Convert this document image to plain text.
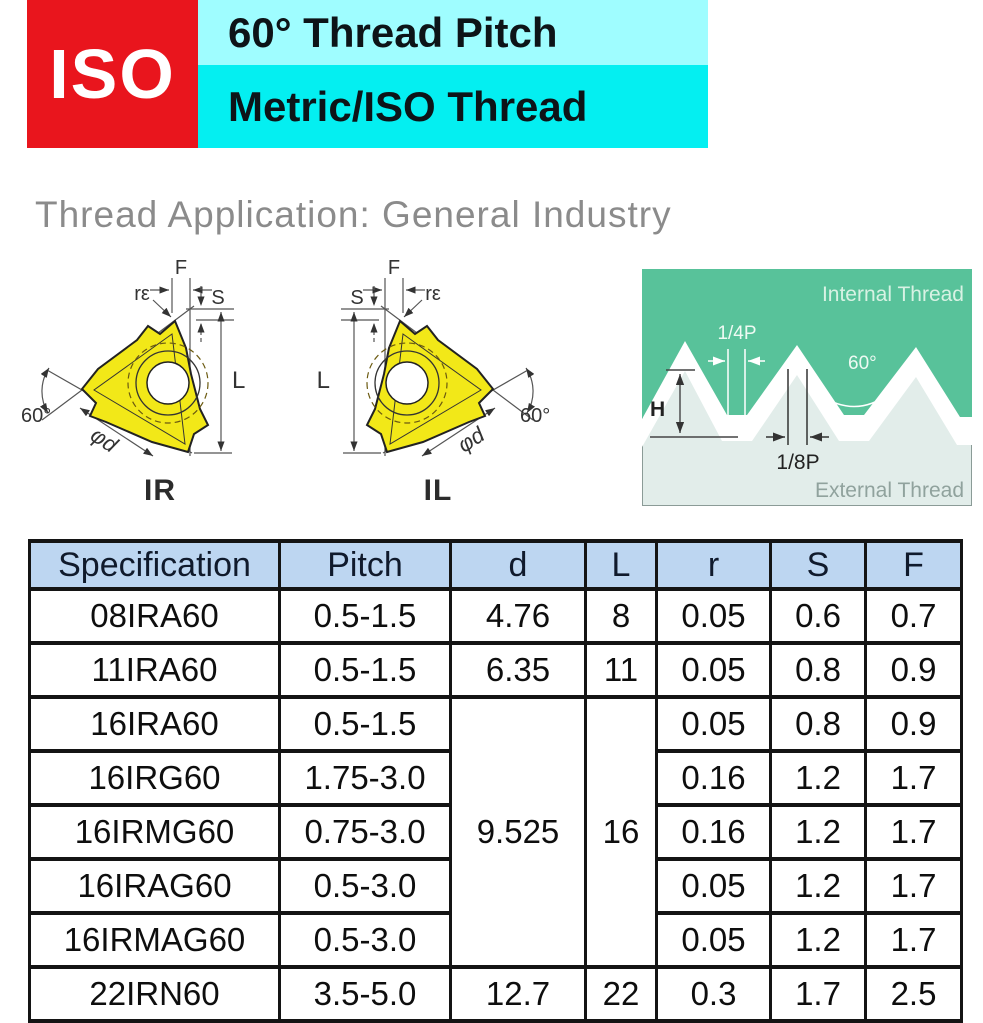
ISO
60° Thread Pitch
Metric/ISO Thread
Thread Application: General Industry
F
S
rε
L
60°
φd
IR
F
S	rε
L
60°
φd
IL
Internal Thread
1/4P
60°
H
1/8P
External Thread
Specification	Pitch	d	L	r	S	F
08IRA60	0.5-1.5	4.76	8	0.05	0.6	0.7
11IRA60	0.5-1.5	6.35	11	0.05	0.8	0.9
16IRA60	0.5-1.5	9.525	16	0.05	0.8	0.9
16IRG60	1.75-3.0			0.16	1.2	1.7
16IRMG60	0.75-3.0			0.16	1.2	1.7
16IRAG60	0.5-3.0			0.05	1.2	1.7
16IRMAG60	0.5-3.0			0.05	1.2	1.7
22IRN60	3.5-5.0	12.7	22	0.3	1.7	2.5
